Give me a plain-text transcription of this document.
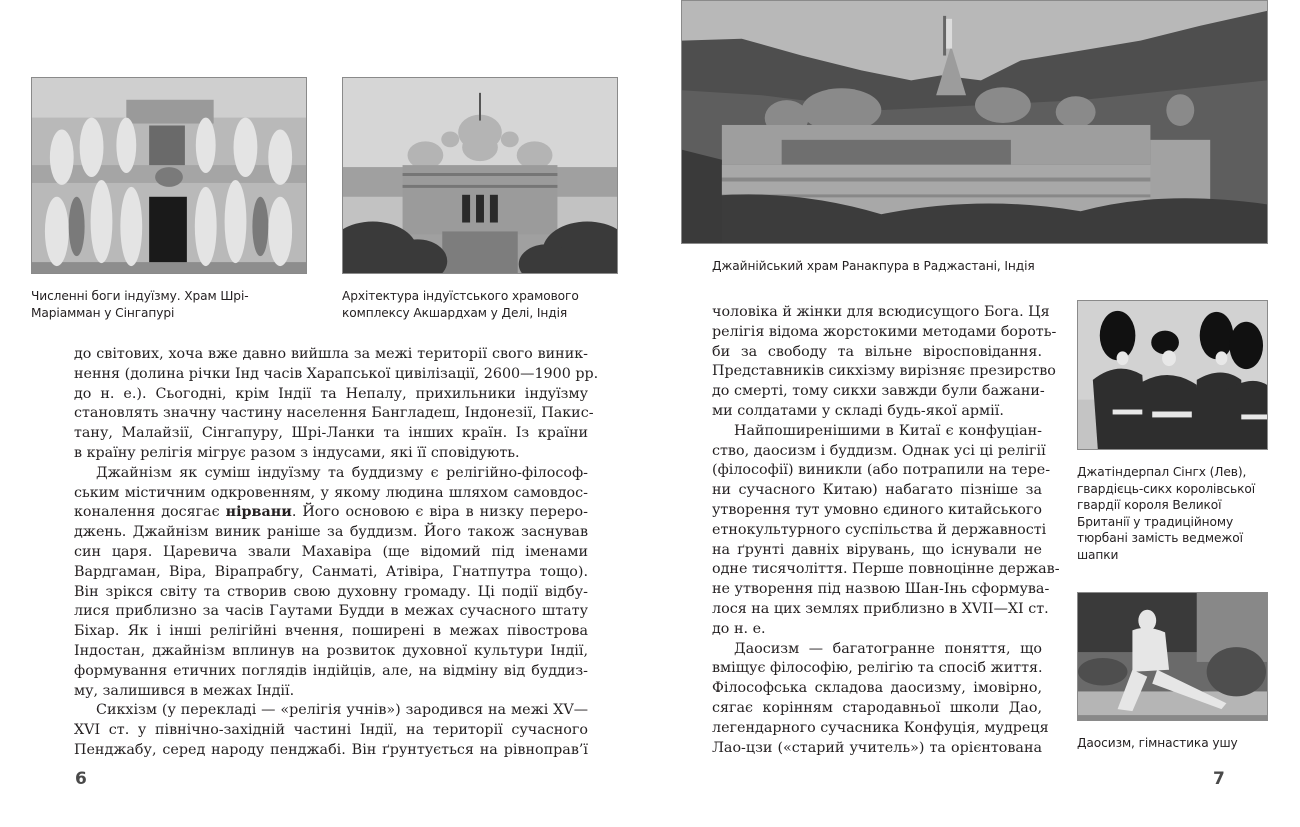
Численні боги індуїзму. Храм Шрі-
Маріамман у Сінгапурі
Архітектура індуїстського храмового
комплексу Акшардхам у Делі, Індія
до світових, хоча вже давно вийшла за межі території свого виник-
нення (долина річки Інд часів Харапської цивілізації, 2600—1900 рр.
до н. е.). Сьогодні, крім Індії та Непалу, прихильники індуїзму
становлять значну частину населення Бангладеш, Індонезії, Пакис-
тану, Малайзії, Сінгапуру, Шрі-Ланки та інших країн. Із країни
в країну релігія мігрує разом з індусами, які її сповідують.
Джайнізм як суміш індуїзму та буддизму є релігійно-філософ-
ським містичним одкровенням, у якому людина шляхом самовдос-
коналення досягає нірвани. Його основою є віра в низку переро-
джень. Джайнізм виник раніше за буддизм. Його також заснував
син царя. Царевича звали Махавіра (ще відомий під іменами
Вардгаман, Віра, Вірапрабгу, Санматі, Атівіра, Гнатпутра тощо).
Він зрікся світу та створив свою духовну громаду. Ці події відбу-
лися приблизно за часів Гаутами Будди в межах сучасного штату
Біхар. Як і інші релігійні вчення, поширені в межах півострова
Індостан, джайнізм вплинув на розвиток духовної культури Індії,
формування етичних поглядів індійців, але, на відміну від буддиз-
му, залишився в межах Індії.
Сикхізм (у перекладі — «релігія учнів») зародився на межі XV—
XVI ст. у північно-західній частині Індії, на території сучасного
Пенджабу, серед народу пенджабі. Він ґрунтується на рівноправ’ї
6
Джайнійський храм Ранакпура в Раджастані, Індія
чоловіка й жінки для всюдисущого Бога. Ця
релігія відома жорстокими методами бороть-
би за свободу та вільне віросповідання.
Представників сикхізму вирізняє презирство
до смерті, тому сикхи завжди були бажани-
ми солдатами у складі будь-якої армії.
Найпоширенішими в Китаї є конфуціан-
ство, даосизм і буддизм. Однак усі ці релігії
(філософії) виникли (або потрапили на тере-
ни сучасного Китаю) набагато пізніше за
утворення тут умовно єдиного китайського
етнокультурного суспільства й державності
на ґрунті давніх вірувань, що існували не
одне тисячоліття. Перше повноцінне держав-
не утворення під назвою Шан-Інь сформува-
лося на цих землях приблизно в XVII—XI ст.
до н. е.
Даосизм — багатогранне поняття, що
вміщує філософію, релігію та спосіб життя.
Філософська складова даосизму, імовірно,
сягає корінням стародавньої школи Дао,
легендарного сучасника Конфуція, мудреця
Лао-цзи («старий учитель») та орієнтована
Джатіндерпал Сінгх (Лев),
гвардієць-сикх королівської
гвардії короля Великої
Британії у традиційному
тюрбані замість ведмежої
шапки
Даосизм, гімнастика ушу
7
